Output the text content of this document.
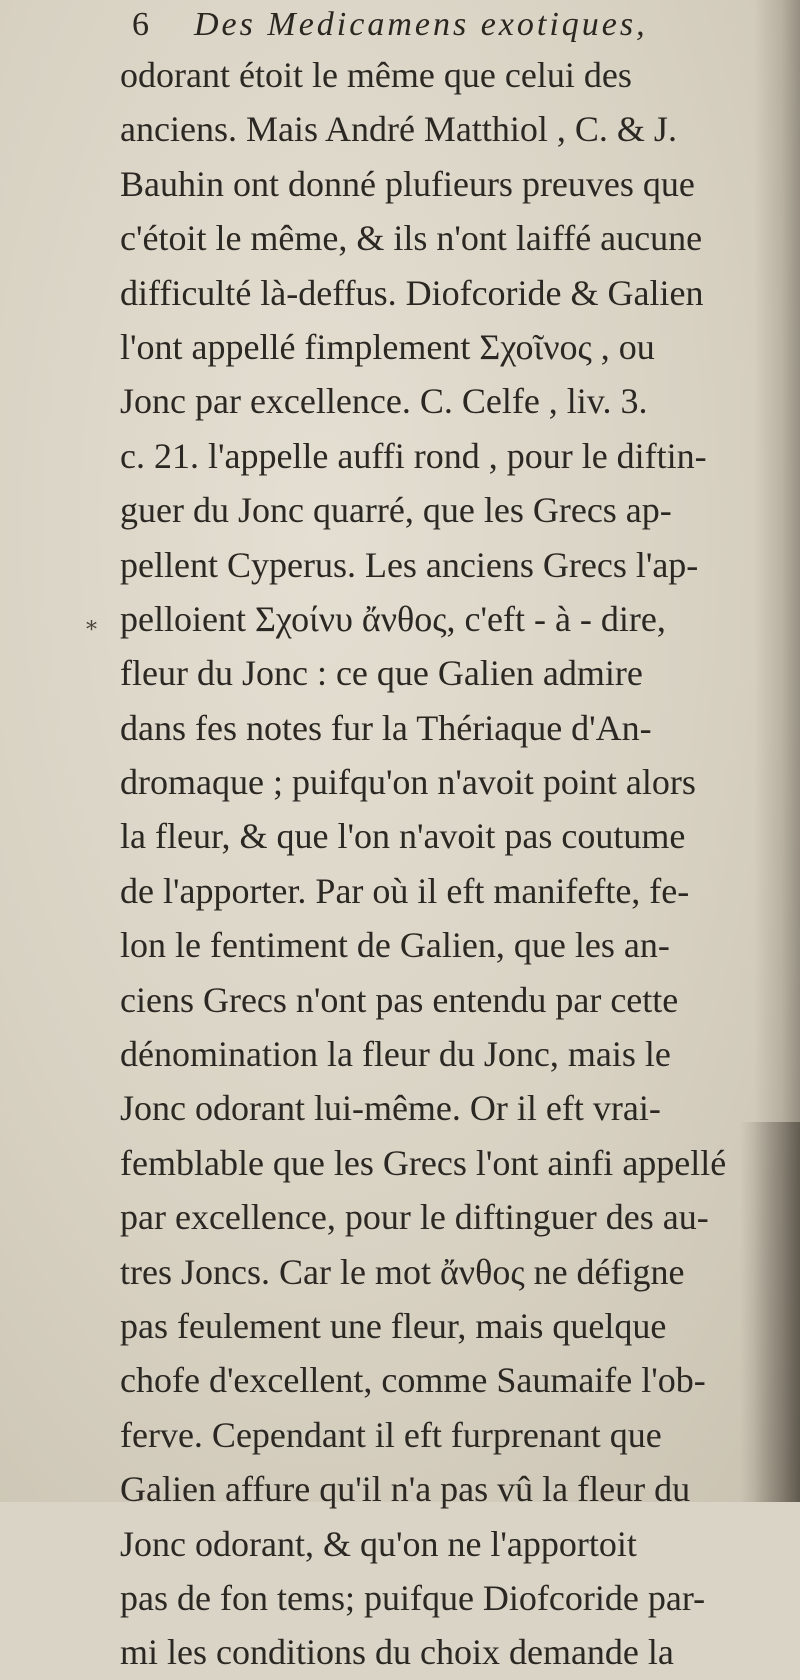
6 Des Medicamens exotiques,
*
odorant étoit le même que celui des
anciens. Mais André Matthiol , C. & J.
Bauhin ont donné plufieurs preuves que
c'étoit le même, & ils n'ont laiffé aucune
difficulté là-deffus. Diofcoride & Galien
l'ont appellé fimplement Σχοῖνος , ou
Jonc par excellence. C. Celfe , liv. 3.
c. 21. l'appelle auffi rond , pour le diftin-
guer du Jonc quarré, que les Grecs ap-
pellent Cyperus. Les anciens Grecs l'ap-
pelloient Σχοίνυ ἄνθος, c'eft - à - dire,
fleur du Jonc : ce que Galien admire
dans fes notes fur la Thériaque d'An-
dromaque ; puifqu'on n'avoit point alors
la fleur, & que l'on n'avoit pas coutume
de l'apporter. Par où il eft manifefte, fe-
lon le fentiment de Galien, que les an-
ciens Grecs n'ont pas entendu par cette
dénomination la fleur du Jonc, mais le
Jonc odorant lui-même. Or il eft vrai-
femblable que les Grecs l'ont ainfi appellé
par excellence, pour le diftinguer des au-
tres Joncs. Car le mot ἄνθος ne défigne
pas feulement une fleur, mais quelque
chofe d'excellent, comme Saumaife l'ob-
ferve. Cependant il eft furprenant que
Galien affure qu'il n'a pas vû la fleur du
Jonc odorant, & qu'on ne l'apportoit
pas de fon tems; puifque Diofcoride par-
mi les conditions du choix demande la
